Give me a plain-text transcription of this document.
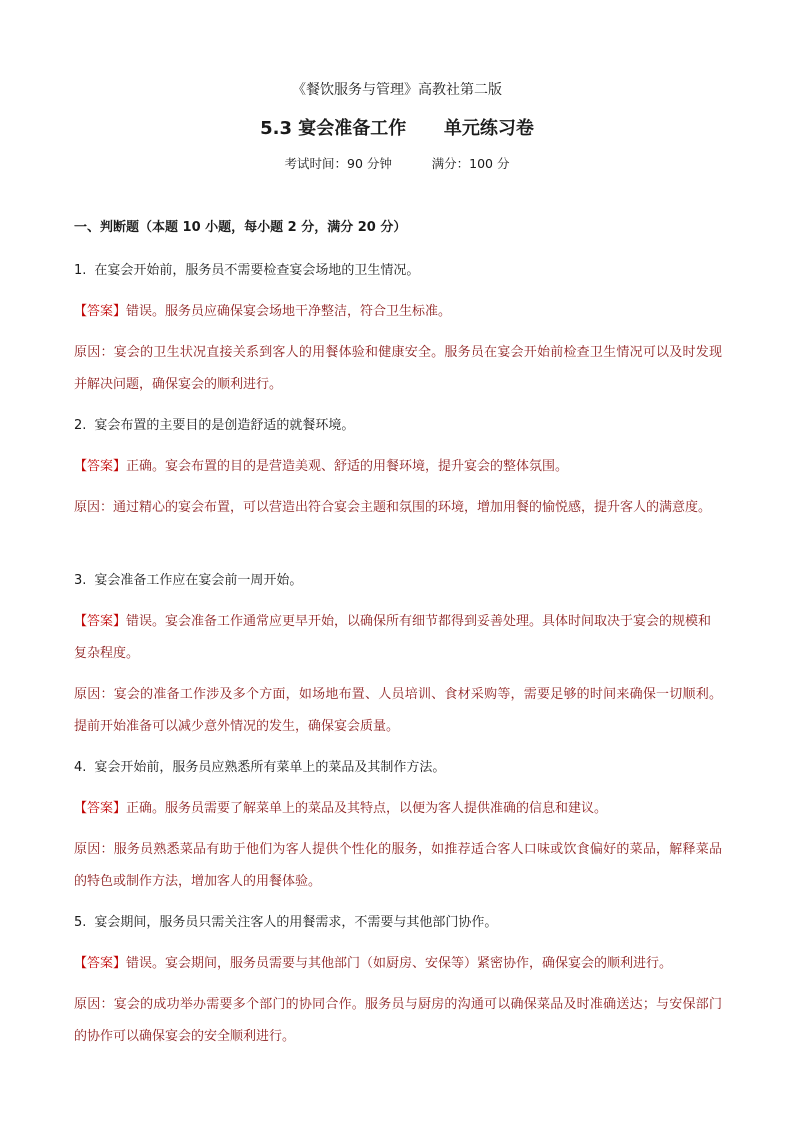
《餐饮服务与管理》高教社第二版
5.3 宴会准备工作      单元练习卷
考试时间：90 分钟	满分：100 分
一、判断题（本题 10 小题，每小题 2 分，满分 20 分）
1. 在宴会开始前，服务员不需要检查宴会场地的卫生情况。
【答案】错误。服务员应确保宴会场地干净整洁，符合卫生标准。
原因：宴会的卫生状况直接关系到客人的用餐体验和健康安全。服务员在宴会开始前检查卫生情况可以及时发现并解决问题，确保宴会的顺利进行。
2. 宴会布置的主要目的是创造舒适的就餐环境。
【答案】正确。宴会布置的目的是营造美观、舒适的用餐环境，提升宴会的整体氛围。
原因：通过精心的宴会布置，可以营造出符合宴会主题和氛围的环境，增加用餐的愉悦感，提升客人的满意度。
3. 宴会准备工作应在宴会前一周开始。
【答案】错误。宴会准备工作通常应更早开始，以确保所有细节都得到妥善处理。具体时间取决于宴会的规模和复杂程度。
原因：宴会的准备工作涉及多个方面，如场地布置、人员培训、食材采购等，需要足够的时间来确保一切顺利。提前开始准备可以减少意外情况的发生，确保宴会质量。
4. 宴会开始前，服务员应熟悉所有菜单上的菜品及其制作方法。
【答案】正确。服务员需要了解菜单上的菜品及其特点，以便为客人提供准确的信息和建议。
原因：服务员熟悉菜品有助于他们为客人提供个性化的服务，如推荐适合客人口味或饮食偏好的菜品，解释菜品的特色或制作方法，增加客人的用餐体验。
5. 宴会期间，服务员只需关注客人的用餐需求，不需要与其他部门协作。
【答案】错误。宴会期间，服务员需要与其他部门（如厨房、安保等）紧密协作，确保宴会的顺利进行。
原因：宴会的成功举办需要多个部门的协同合作。服务员与厨房的沟通可以确保菜品及时准确送达；与安保部门的协作可以确保宴会的安全顺利进行。
